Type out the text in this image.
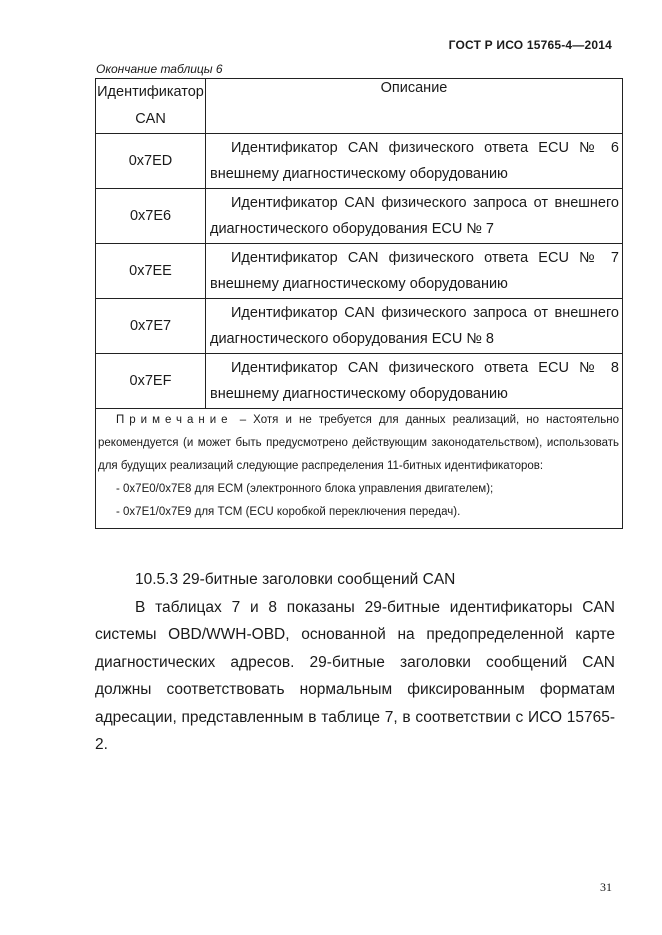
ГОСТ Р ИСО 15765-4—2014
Окончание таблицы 6
Идентификатор
CAN	Описание
0x7ED	Идентификатор CAN физического ответа ECU № 6 внешнему диагностическому оборудованию

0x7E6	Идентификатор CAN физического запроса от внешнего диагностического оборудования ECU № 7

0x7EE	Идентификатор CAN физического ответа ECU № 7 внешнему диагностическому оборудованию

0x7E7	Идентификатор CAN физического запроса от внешнего диагностического оборудования ECU № 8

0x7EF	Идентификатор CAN физического ответа ECU № 8 внешнему диагностическому оборудованию

Примечание – Хотя и не требуется для данных реализаций, но настоятельно рекомендуется (и может быть предусмотрено действующим законодательством), использовать для будущих реализаций следующие распределения 11-битных идентификаторов:
- 0x7E0/0x7E8 для ECM (электронного блока управления двигателем);
- 0x7E1/0x7E9 для TCM (ECU коробкой переключения передач).	
10.5.3 29-битные заголовки сообщений CAN

В таблицах 7 и 8 показаны 29-битные идентификаторы CAN системы OBD/WWH-OBD, основанной на предопределенной карте диагностических адресов. 29-битные заголовки сообщений CAN должны соответствовать нормальным фиксированным форматам адресации, представленным в таблице 7, в соответствии с ИСО 15765-2.

31
